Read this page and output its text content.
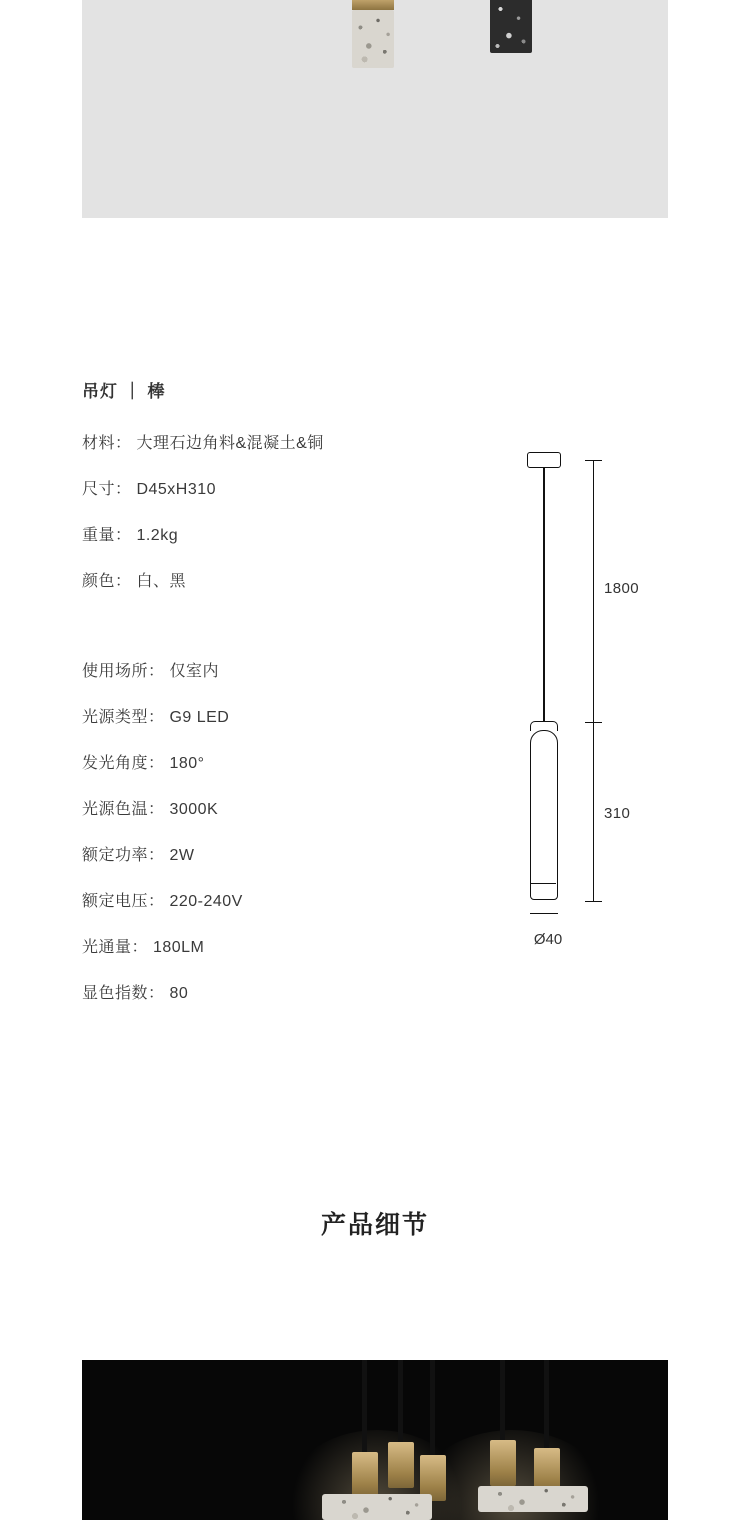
吊灯 ｜ 棒
材料： 大理石边角料&混凝土&铜
尺寸： D45xH310
重量： 1.2kg
颜色： 白、黑
使用场所： 仅室内
光源类型： G9 LED
发光角度： 180°
光源色温： 3000K
额定功率： 2W
额定电压： 220-240V
光通量： 180LM
显色指数： 80
Ø40
1800
310
产品细节
